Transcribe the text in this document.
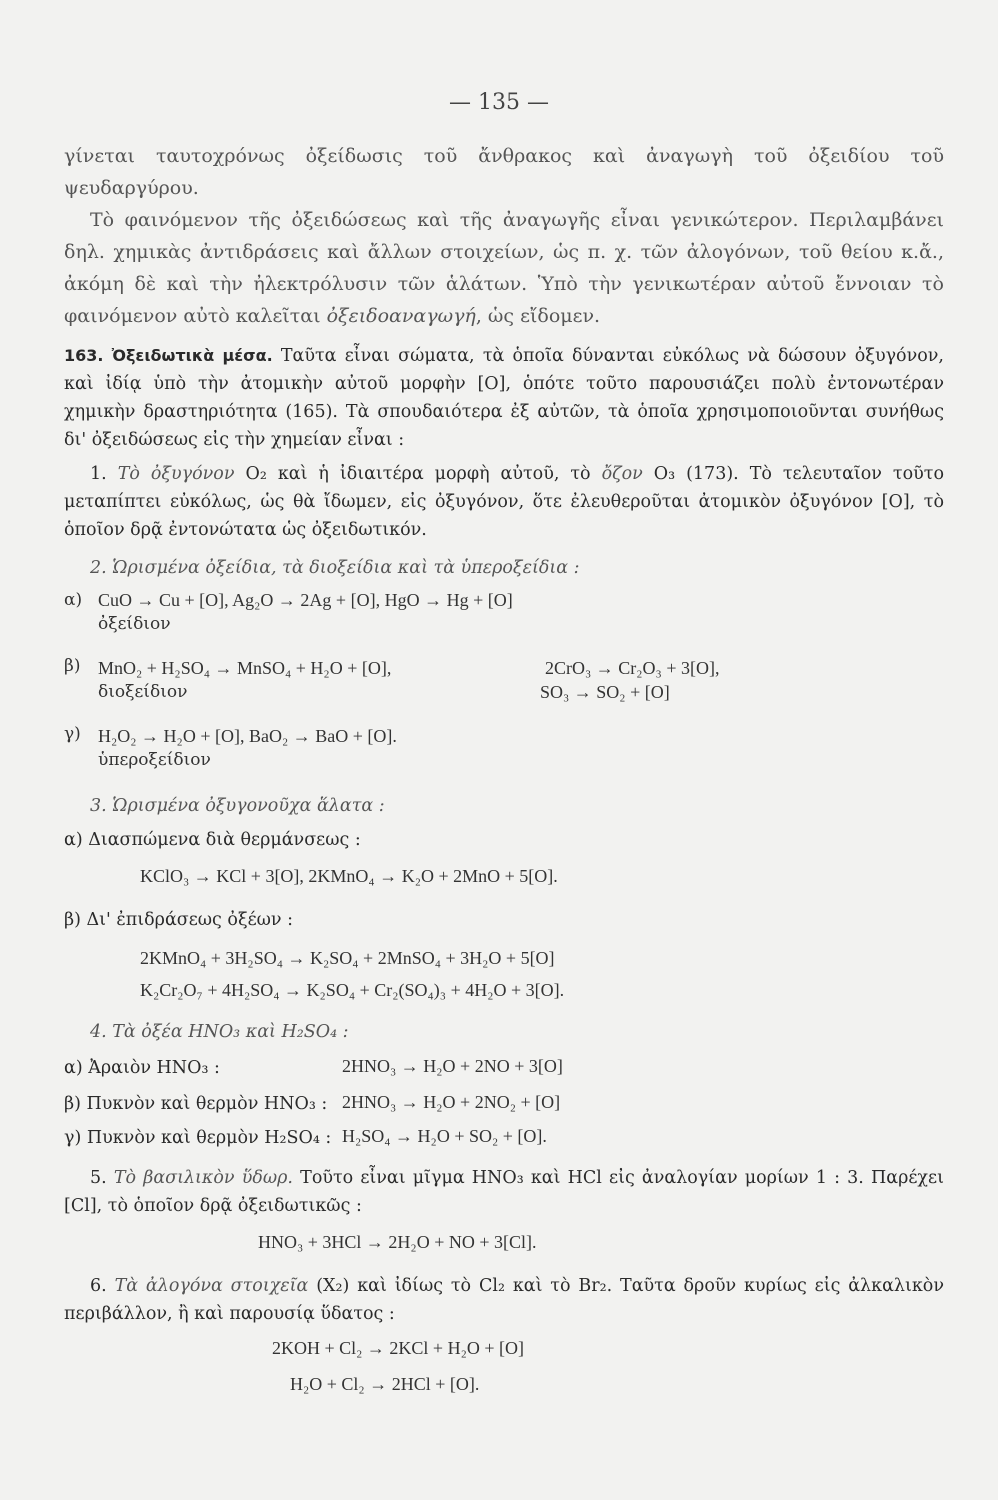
— 135 —
γίνεται ταυτοχρόνως ὀξείδωσις τοῦ ἄνθρακος καὶ ἀναγωγὴ τοῦ ὀξειδίου τοῦ ψευδαργύρου.
Τὸ φαινόμενον τῆς ὀξειδώσεως καὶ τῆς ἀναγωγῆς εἶναι γενικώτερον. Περιλαμβάνει δηλ. χημικὰς ἀντιδράσεις καὶ ἄλλων στοιχείων, ὡς π. χ. τῶν ἀλογόνων, τοῦ θείου κ.ἄ., ἀκόμη δὲ καὶ τὴν ἠλεκτρόλυσιν τῶν ἁλάτων. Ὑπὸ τὴν γενικωτέραν αὐτοῦ ἔννοιαν τὸ φαινόμενον αὐτὸ καλεῖται ὀξειδοαναγωγή, ὡς εἴδομεν.
163. Ὀξειδωτικὰ μέσα. Ταῦτα εἶναι σώματα, τὰ ὁποῖα δύνανται εὐκόλως νὰ δώσουν ὀξυγόνον, καὶ ἰδίᾳ ὑπὸ τὴν ἀτομικὴν αὐτοῦ μορφὴν [O], ὁπότε τοῦτο παρουσιάζει πολὺ ἐντονωτέραν χημικὴν δραστηριότητα (165). Τὰ σπουδαιότερα ἐξ αὐτῶν, τὰ ὁποῖα χρησιμοποιοῦνται συνήθως δι' ὀξειδώσεως εἰς τὴν χημείαν εἶναι :
1. Τὸ ὀξυγόνον O₂ καὶ ἡ ἰδιαιτέρα μορφὴ αὐτοῦ, τὸ ὄζον O₃ (173). Τὸ τελευταῖον τοῦτο μεταπίπτει εὐκόλως, ὡς θὰ ἴδωμεν, εἰς ὀξυγόνον, ὅτε ἐλευθεροῦται ἀτομικὸν ὀξυγόνον [O], τὸ ὁποῖον δρᾷ ἐντονώτατα ὡς ὀξειδωτικόν.
2. Ὡρισμένα ὀξείδια, τὰ διοξείδια καὶ τὰ ὑπεροξείδια :
α) CuO → Cu + [O], Ag₂O → 2Ag + [O], HgO → Hg + [O]
ὀξείδιον
β) MnO₂ + H₂SO₄ → MnSO₄ + H₂O + [O],	2CrO₃ → Cr₂O₃ + 3[O],
διοξείδιον	SO₃ → SO₂ + [O]
γ) H₂O₂ → H₂O + [O], BaO₂ → BaO + [O].
ὑπεροξείδιον
3. Ὡρισμένα ὀξυγονοῦχα ἅλατα :
α) Διασπώμενα διὰ θερμάνσεως :
KClO₃ → KCl + 3[O], 2KMnO₄ → K₂O + 2MnO + 5[O].
β) Δι' ἐπιδράσεως ὀξέων :
2KMnO₄ + 3H₂SO₄ → K₂SO₄ + 2MnSO₄ + 3H₂O + 5[O]
K₂Cr₂O₇ + 4H₂SO₄ → K₂SO₄ + Cr₂(SO₄)₃ + 4H₂O + 3[O].
4. Τὰ ὀξέα HNO₃ καὶ H₂SO₄ :
α) Ἀραιὸν HNO₃ :	2HNO₃ → H₂O + 2NO + 3[O]
β) Πυκνὸν καὶ θερμὸν HNO₃ : 2HNO₃ → H₂O + 2NO₂ + [O]
γ) Πυκνὸν καὶ θερμὸν H₂SO₄ : H₂SO₄ → H₂O + SO₂ + [O].
5. Τὸ βασιλικὸν ὕδωρ. Τοῦτο εἶναι μῖγμα HNO₃ καὶ HCl εἰς ἀναλογίαν μορίων 1 : 3. Παρέχει [Cl], τὸ ὁποῖον δρᾷ ὀξειδωτικῶς :
HNO₃ + 3HCl → 2H₂O + NO + 3[Cl].
6. Τὰ ἀλογόνα στοιχεῖα (X₂) καὶ ἰδίως τὸ Cl₂ καὶ τὸ Br₂. Ταῦτα δροῦν κυρίως εἰς ἀλκαλικὸν περιβάλλον, ἢ καὶ παρουσίᾳ ὕδατος :
2KOH + Cl₂ → 2KCl + H₂O + [O]
H₂O + Cl₂ → 2HCl + [O].
